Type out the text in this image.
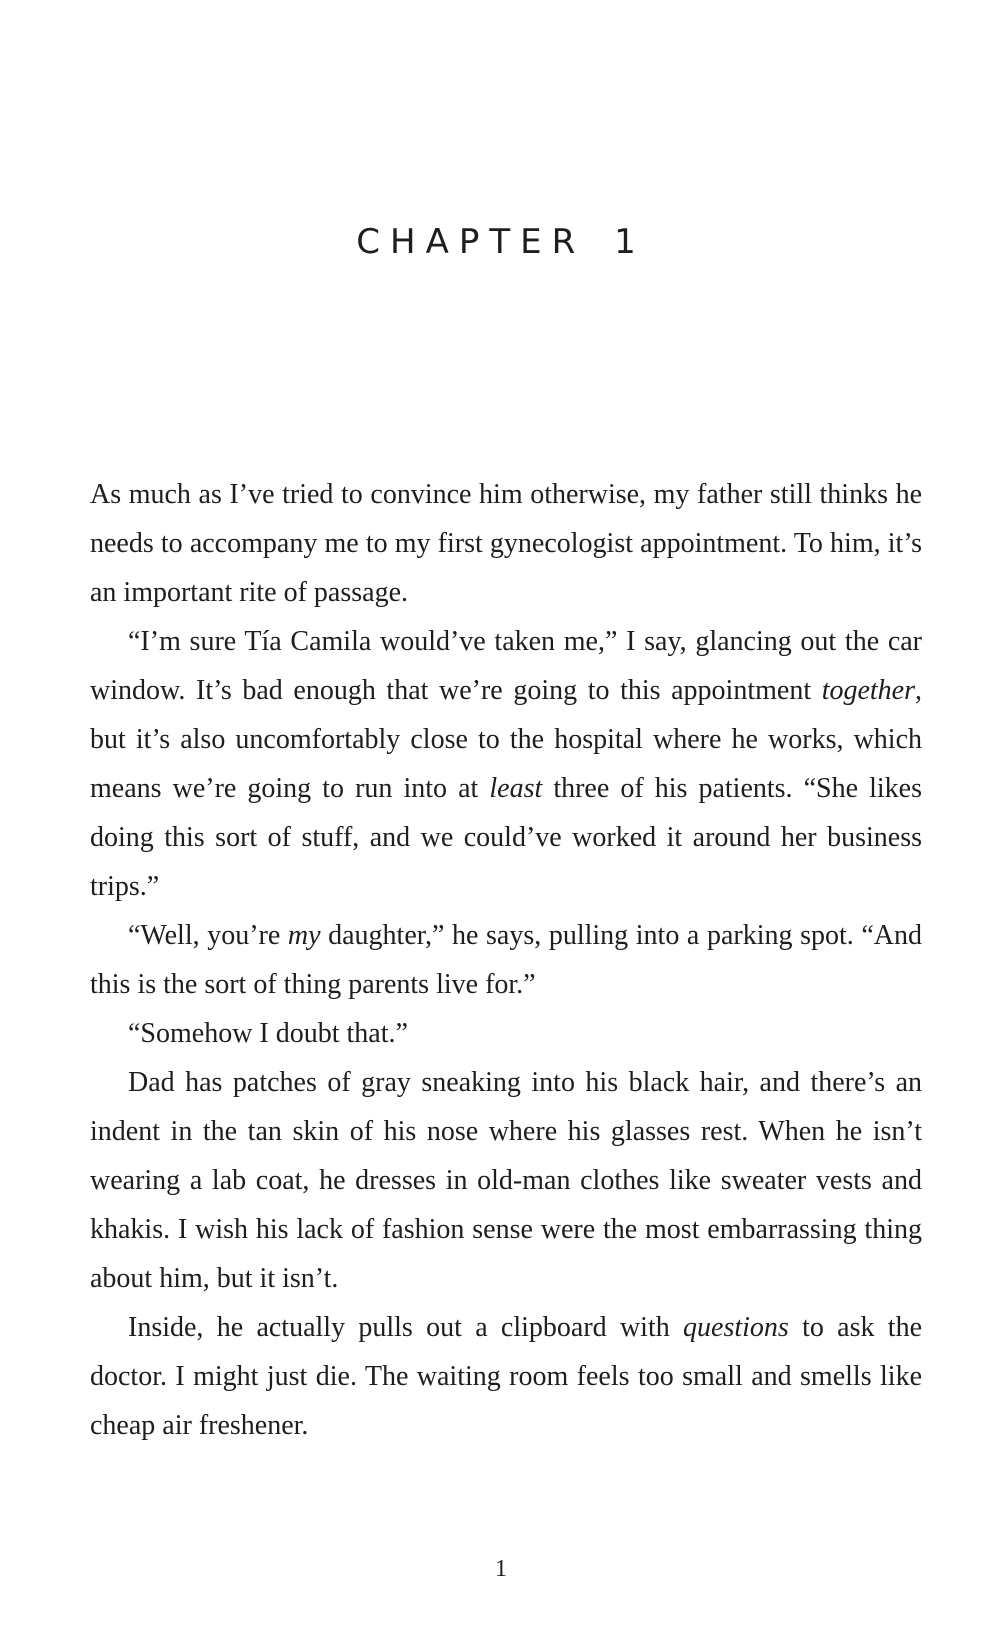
CHAPTER 1

As much as I’ve tried to convince him otherwise, my father still thinks he needs to accompany me to my first gynecologist appointment. To him, it’s an important rite of passage.

“I’m sure Tía Camila would’ve taken me,” I say, glancing out the car window. It’s bad enough that we’re going to this appointment together, but it’s also uncomfortably close to the hospital where he works, which means we’re going to run into at least three of his patients. “She likes doing this sort of stuff, and we could’ve worked it around her business trips.”

“Well, you’re my daughter,” he says, pulling into a parking spot. “And this is the sort of thing parents live for.”

“Somehow I doubt that.”

Dad has patches of gray sneaking into his black hair, and there’s an indent in the tan skin of his nose where his glasses rest. When he isn’t wearing a lab coat, he dresses in old-man clothes like sweater vests and khakis. I wish his lack of fashion sense were the most embarrassing thing about him, but it isn’t.

Inside, he actually pulls out a clipboard with questions to ask the doctor. I might just die. The waiting room feels too small and smells like cheap air freshener.

1
